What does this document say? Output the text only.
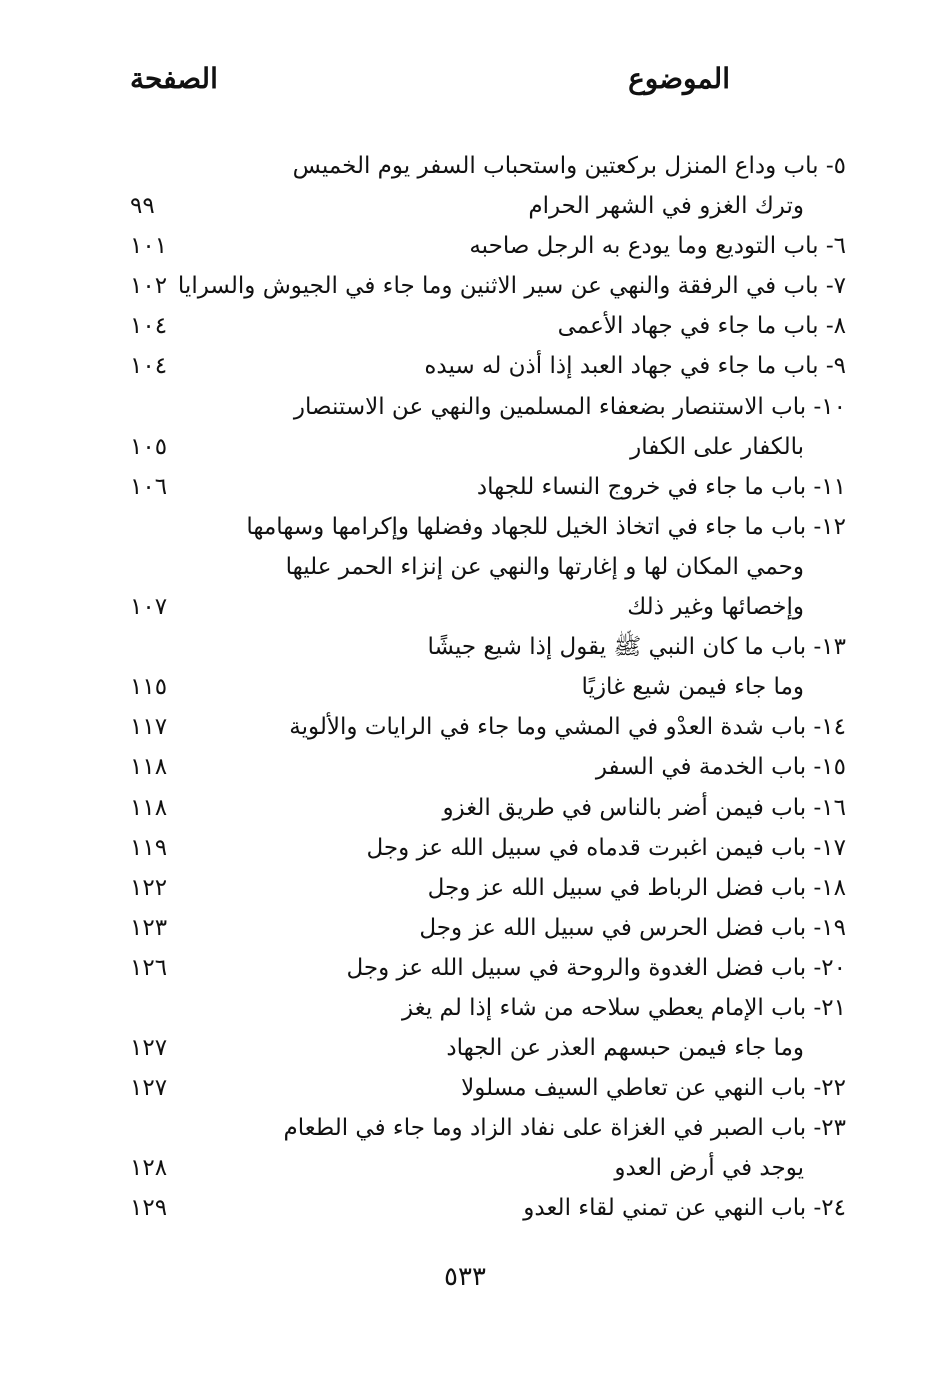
الموضوع
الصفحة
٥- باب وداع المنزل بركعتين واستحباب السفر يوم الخميس
وترك الغزو في الشهر الحرام
٩٩
٦- باب التوديع وما يودع به الرجل صاحبه
١٠١
٧- باب في الرفقة والنهي عن سير الاثنين وما جاء في الجيوش والسرايا
١٠٢
٨- باب ما جاء في جهاد الأعمى
١٠٤
٩- باب ما جاء في جهاد العبد إذا أذن له سيده
١٠٤
١٠- باب الاستنصار بضعفاء المسلمين والنهي عن الاستنصار
بالكفار على الكفار
١٠٥
١١- باب ما جاء في خروج النساء للجهاد
١٠٦
١٢- باب ما جاء في اتخاذ الخيل للجهاد وفضلها وإكرامها وسهامها
وحمي المكان لها و إغارتها والنهي عن إنزاء الحمر عليها
وإخصائها وغير ذلك
١٠٧
١٣- باب ما كان النبي ﷺ يقول إذا شيع جيشًا
وما جاء فيمن شيع غازيًا
١١٥
١٤- باب شدة العدْو في المشي وما جاء في الرايات والألوية
١١٧
١٥- باب الخدمة في السفر
١١٨
١٦- باب فيمن أضر بالناس في طريق الغزو
١١٨
١٧- باب فيمن اغبرت قدماه في سبيل الله عز وجل
١١٩
١٨- باب فضل الرباط في سبيل الله عز وجل
١٢٢
١٩- باب فضل الحرس في سبيل الله عز وجل
١٢٣
٢٠- باب فضل الغدوة والروحة في سبيل الله عز وجل
١٢٦
٢١- باب الإمام يعطي سلاحه من شاء إذا لم يغز
وما جاء فيمن حبسهم العذر عن الجهاد
١٢٧
٢٢- باب النهي عن تعاطي السيف مسلولا
١٢٧
٢٣- باب الصبر في الغزاة على نفاد الزاد وما جاء في الطعام
يوجد في أرض العدو
١٢٨
٢٤- باب النهي عن تمني لقاء العدو
١٢٩
٥٣٣
